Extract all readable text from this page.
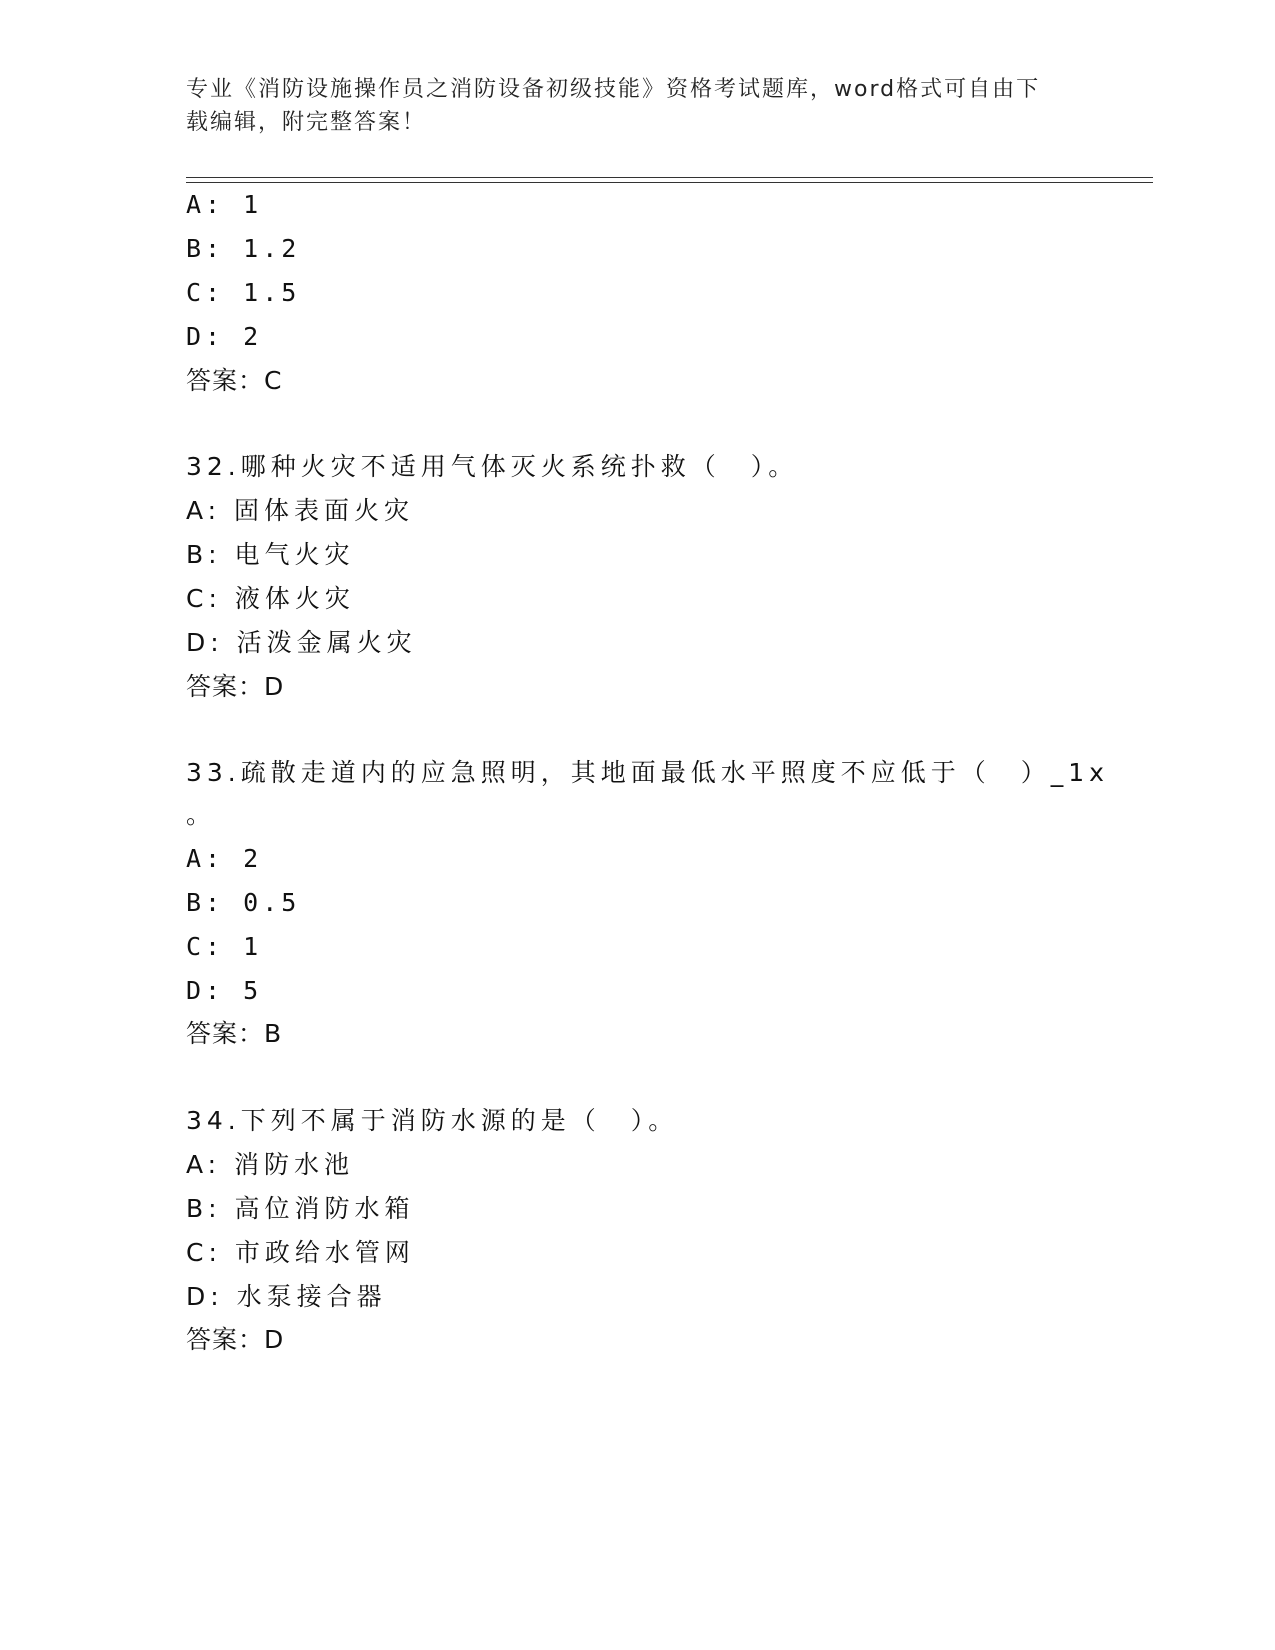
专业《消防设施操作员之消防设备初级技能》资格考试题库，word格式可自由下
载编辑，附完整答案！
A: 1
B: 1.2
C: 1.5
D: 2
答案：C
32.哪种火灾不适用气体灭火系统扑救（　）。
A: 固体表面火灾
B: 电气火灾
C: 液体火灾
D: 活泼金属火灾
答案：D
33.疏散走道内的应急照明，其地面最低水平照度不应低于（　）_1x
。
A: 2
B: 0.5
C: 1
D: 5
答案：B
34.下列不属于消防水源的是（　）。
A: 消防水池
B: 高位消防水箱
C: 市政给水管网
D: 水泵接合器
答案：D
